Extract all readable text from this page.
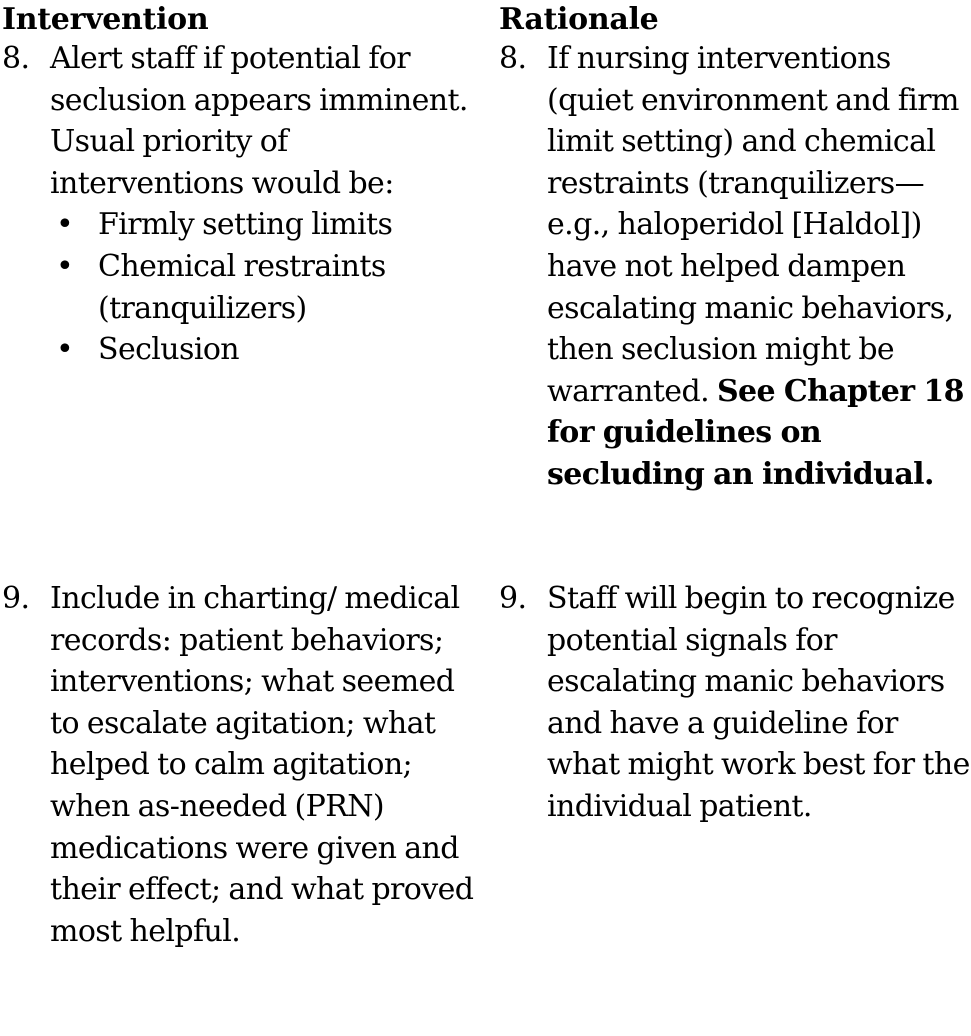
Intervention
8. Alert staff if potential for seclusion appears imminent. Usual priority of interventions would be:
• Firmly setting limits
• Chemical restraints (tranquilizers)
• Seclusion
9. Include in charting/ medical records: patient behaviors; interventions; what seemed to escalate agitation; what helped to calm agitation; when as-needed (PRN) medications were given and their effect; and what proved most helpful.
Rationale
8. If nursing interventions (quiet environment and firm limit setting) and chemical restraints (tranquilizers—e.g., haloperidol [Haldol]) have not helped dampen escalating manic behaviors, then seclusion might be warranted. See Chapter 18 for guidelines on secluding an individual.
9. Staff will begin to recognize potential signals for escalating manic behaviors and have a guideline for what might work best for the individual patient.
